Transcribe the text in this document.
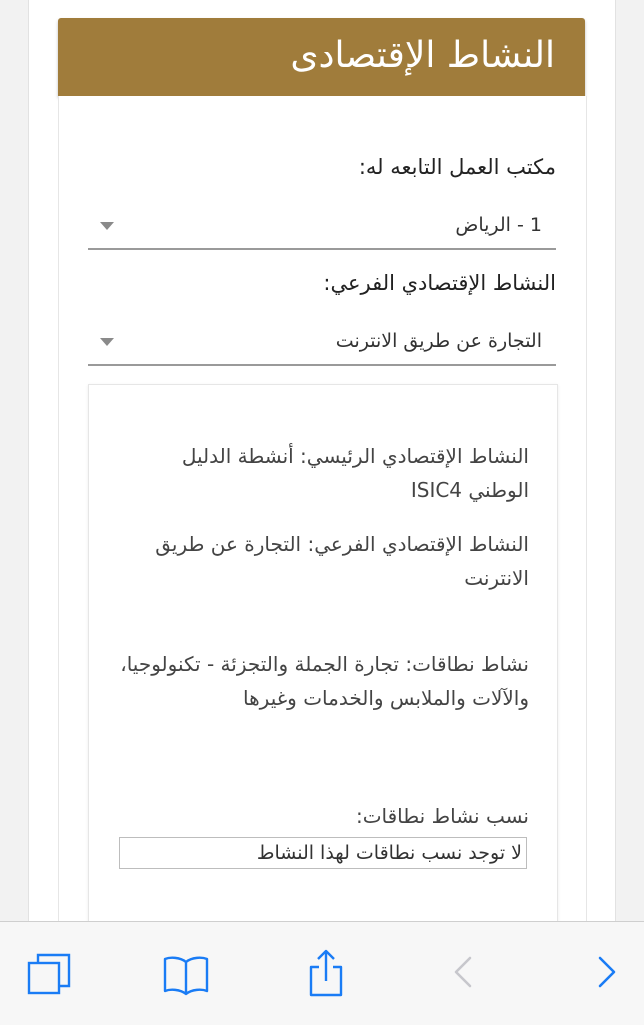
النشاط الإقتصادى
مكتب العمل التابعه له:
1 - الرياض
النشاط الإقتصادي الفرعي:
التجارة عن طريق الانترنت

النشاط الإقتصادي الرئيسي: أنشطة الدليل الوطني ISIC4

النشاط الإقتصادي الفرعي: التجارة عن طريق الانترنت

نشاط نطاقات: تجارة الجملة والتجزئة - تكنولوجيا، والآلات والملابس والخدمات وغيرها

نسب نشاط نطاقات:

لا توجد نسب نطاقات لهذا النشاط
